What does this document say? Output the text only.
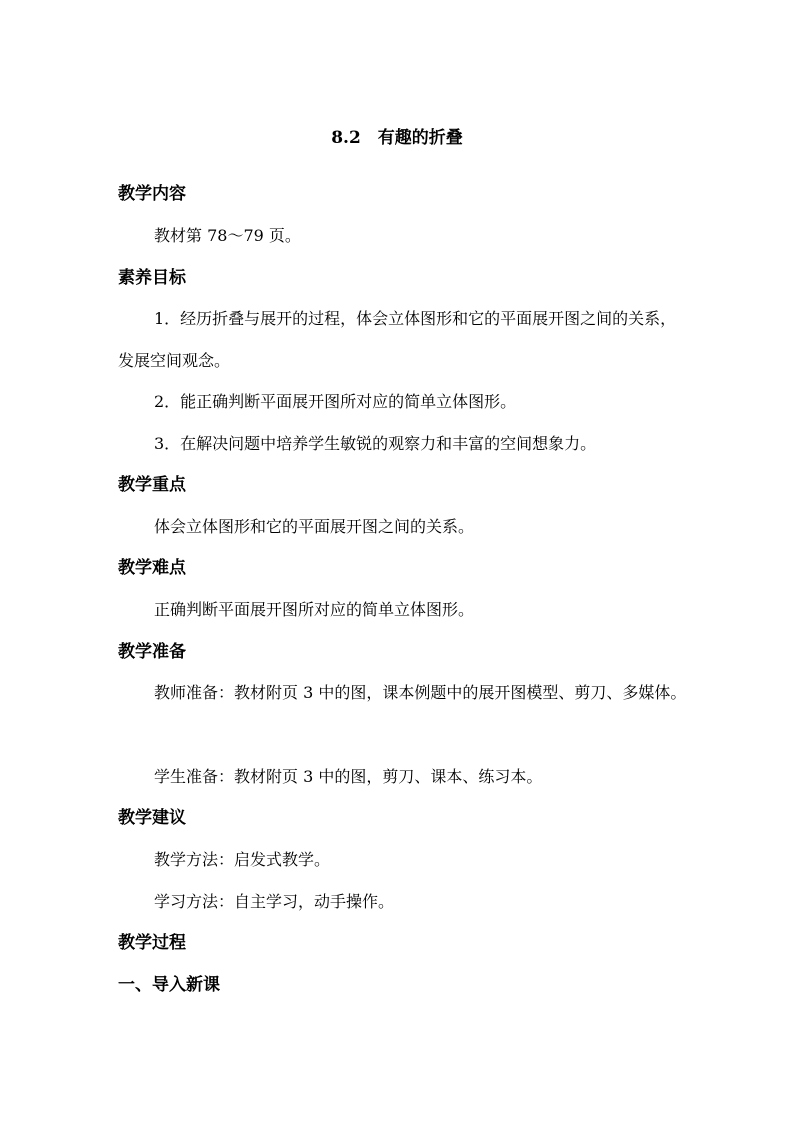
8.2　有趣的折叠
教学内容
教材第 78～79 页。
素养目标
1．经历折叠与展开的过程，体会立体图形和它的平面展开图之间的关系，发展空间观念。
2．能正确判断平面展开图所对应的简单立体图形。
3．在解决问题中培养学生敏锐的观察力和丰富的空间想象力。
教学重点
体会立体图形和它的平面展开图之间的关系。
教学难点
正确判断平面展开图所对应的简单立体图形。
教学准备
教师准备：教材附页 3 中的图，课本例题中的展开图模型、剪刀、多媒体。
学生准备：教材附页 3 中的图，剪刀、课本、练习本。
教学建议
教学方法：启发式教学。
学习方法：自主学习，动手操作。
教学过程
一、导入新课
